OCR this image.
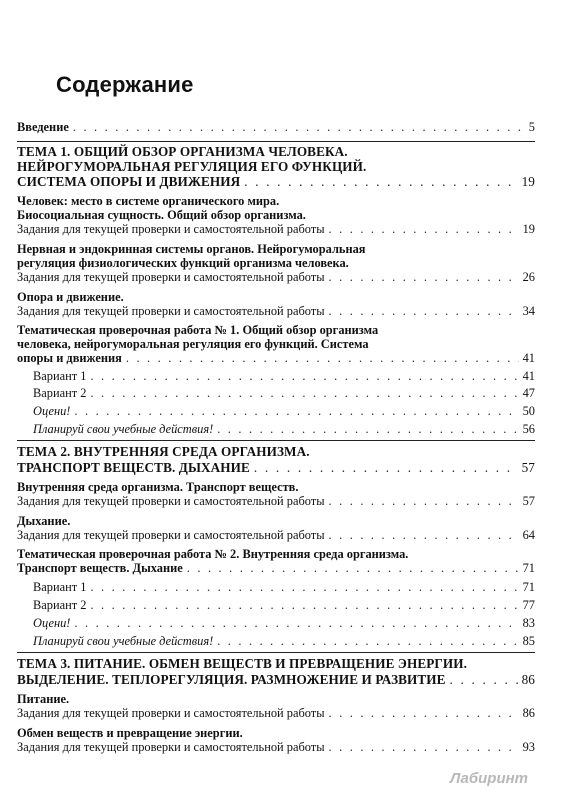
Содержание
Введение . . .	5
ТЕМА 1. ОБЩИЙ ОБЗОР ОРГАНИЗМА ЧЕЛОВЕКА.
НЕЙРОГУМОРАЛЬНАЯ РЕГУЛЯЦИЯ ЕГО ФУНКЦИЙ.
СИСТЕМА ОПОРЫ И ДВИЖЕНИЯ . . .	19
Человек: место в системе органического мира.
Биосоциальная сущность. Общий обзор организма.
Задания для текущей проверки и самостоятельной работы . . .	19
Нервная и эндокринная системы органов. Нейрогуморальная
регуляция физиологических функций организма человека.
Задания для текущей проверки и самостоятельной работы . . .	26
Опора и движение.
Задания для текущей проверки и самостоятельной работы . . .	34
Тематическая проверочная работа № 1. Общий обзор организма
человека, нейрогуморальная регуляция его функций. Система
опоры и движения . . .	41
Вариант 1 . . .	41
Вариант 2 . . .	47
Оцени! . . .	50
Планируй свои учебные действия! . . .	56
ТЕМА 2. ВНУТРЕННЯЯ СРЕДА ОРГАНИЗМА.
ТРАНСПОРТ ВЕЩЕСТВ. ДЫХАНИЕ . . .	57
Внутренняя среда организма. Транспорт веществ.
Задания для текущей проверки и самостоятельной работы . . .	57
Дыхание.
Задания для текущей проверки и самостоятельной работы . . .	64
Тематическая проверочная работа № 2. Внутренняя среда организма.
Транспорт веществ. Дыхание . . .	71
Вариант 1 . . .	71
Вариант 2 . . .	77
Оцени! . . .	83
Планируй свои учебные действия! . . .	85
ТЕМА 3. ПИТАНИЕ. ОБМЕН ВЕЩЕСТВ И ПРЕВРАЩЕНИЕ ЭНЕРГИИ.
ВЫДЕЛЕНИЕ. ТЕПЛОРЕГУЛЯЦИЯ. РАЗМНОЖЕНИЕ И РАЗВИТИЕ . . .	86
Питание.
Задания для текущей проверки и самостоятельной работы . . .	86
Обмен веществ и превращение энергии.
Задания для текущей проверки и самостоятельной работы . . .	93
Лабиринт
